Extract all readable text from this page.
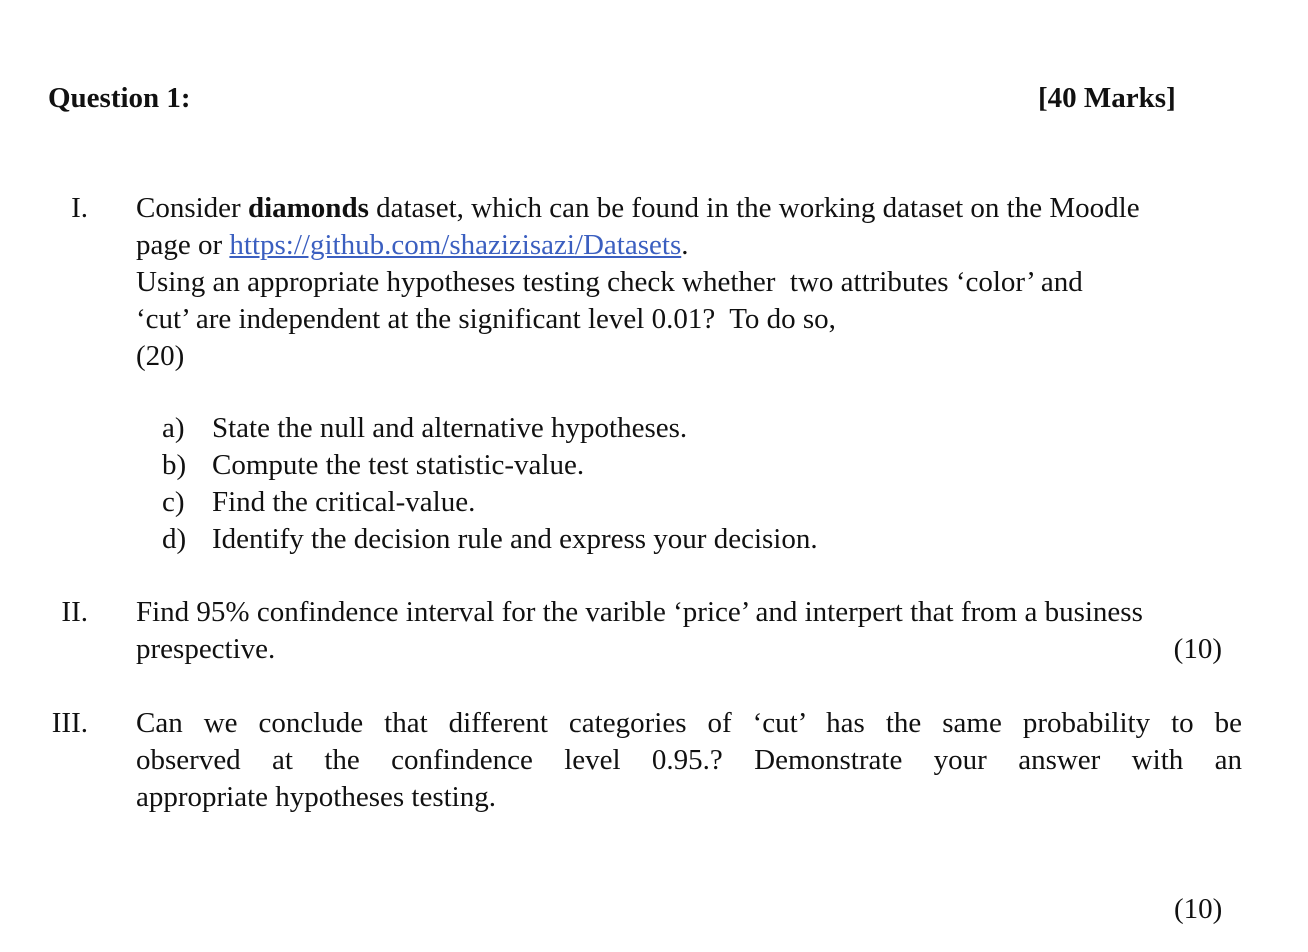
Question 1:	[40 Marks]
I. Consider diamonds dataset, which can be found in the working dataset on the Moodle
page or https://github.com/shazizisazi/Datasets.
Using an appropriate hypotheses testing check whether  two attributes ‘color’ and
‘cut’ are independent at the significant level 0.01?  To do so,
(20)
a) State the null and alternative hypotheses.
b) Compute the test statistic-value.
c) Find the critical-value.
d) Identify the decision rule and express your decision.
II. Find 95% confindence interval for the varible ‘price’ and interpert that from a business
prespective.	(10)
III. Can we conclude that different categories of ‘cut’ has the same probability to be
observed at the confindence level 0.95.? Demonstrate your answer with an
appropriate hypotheses testing.
(10)
